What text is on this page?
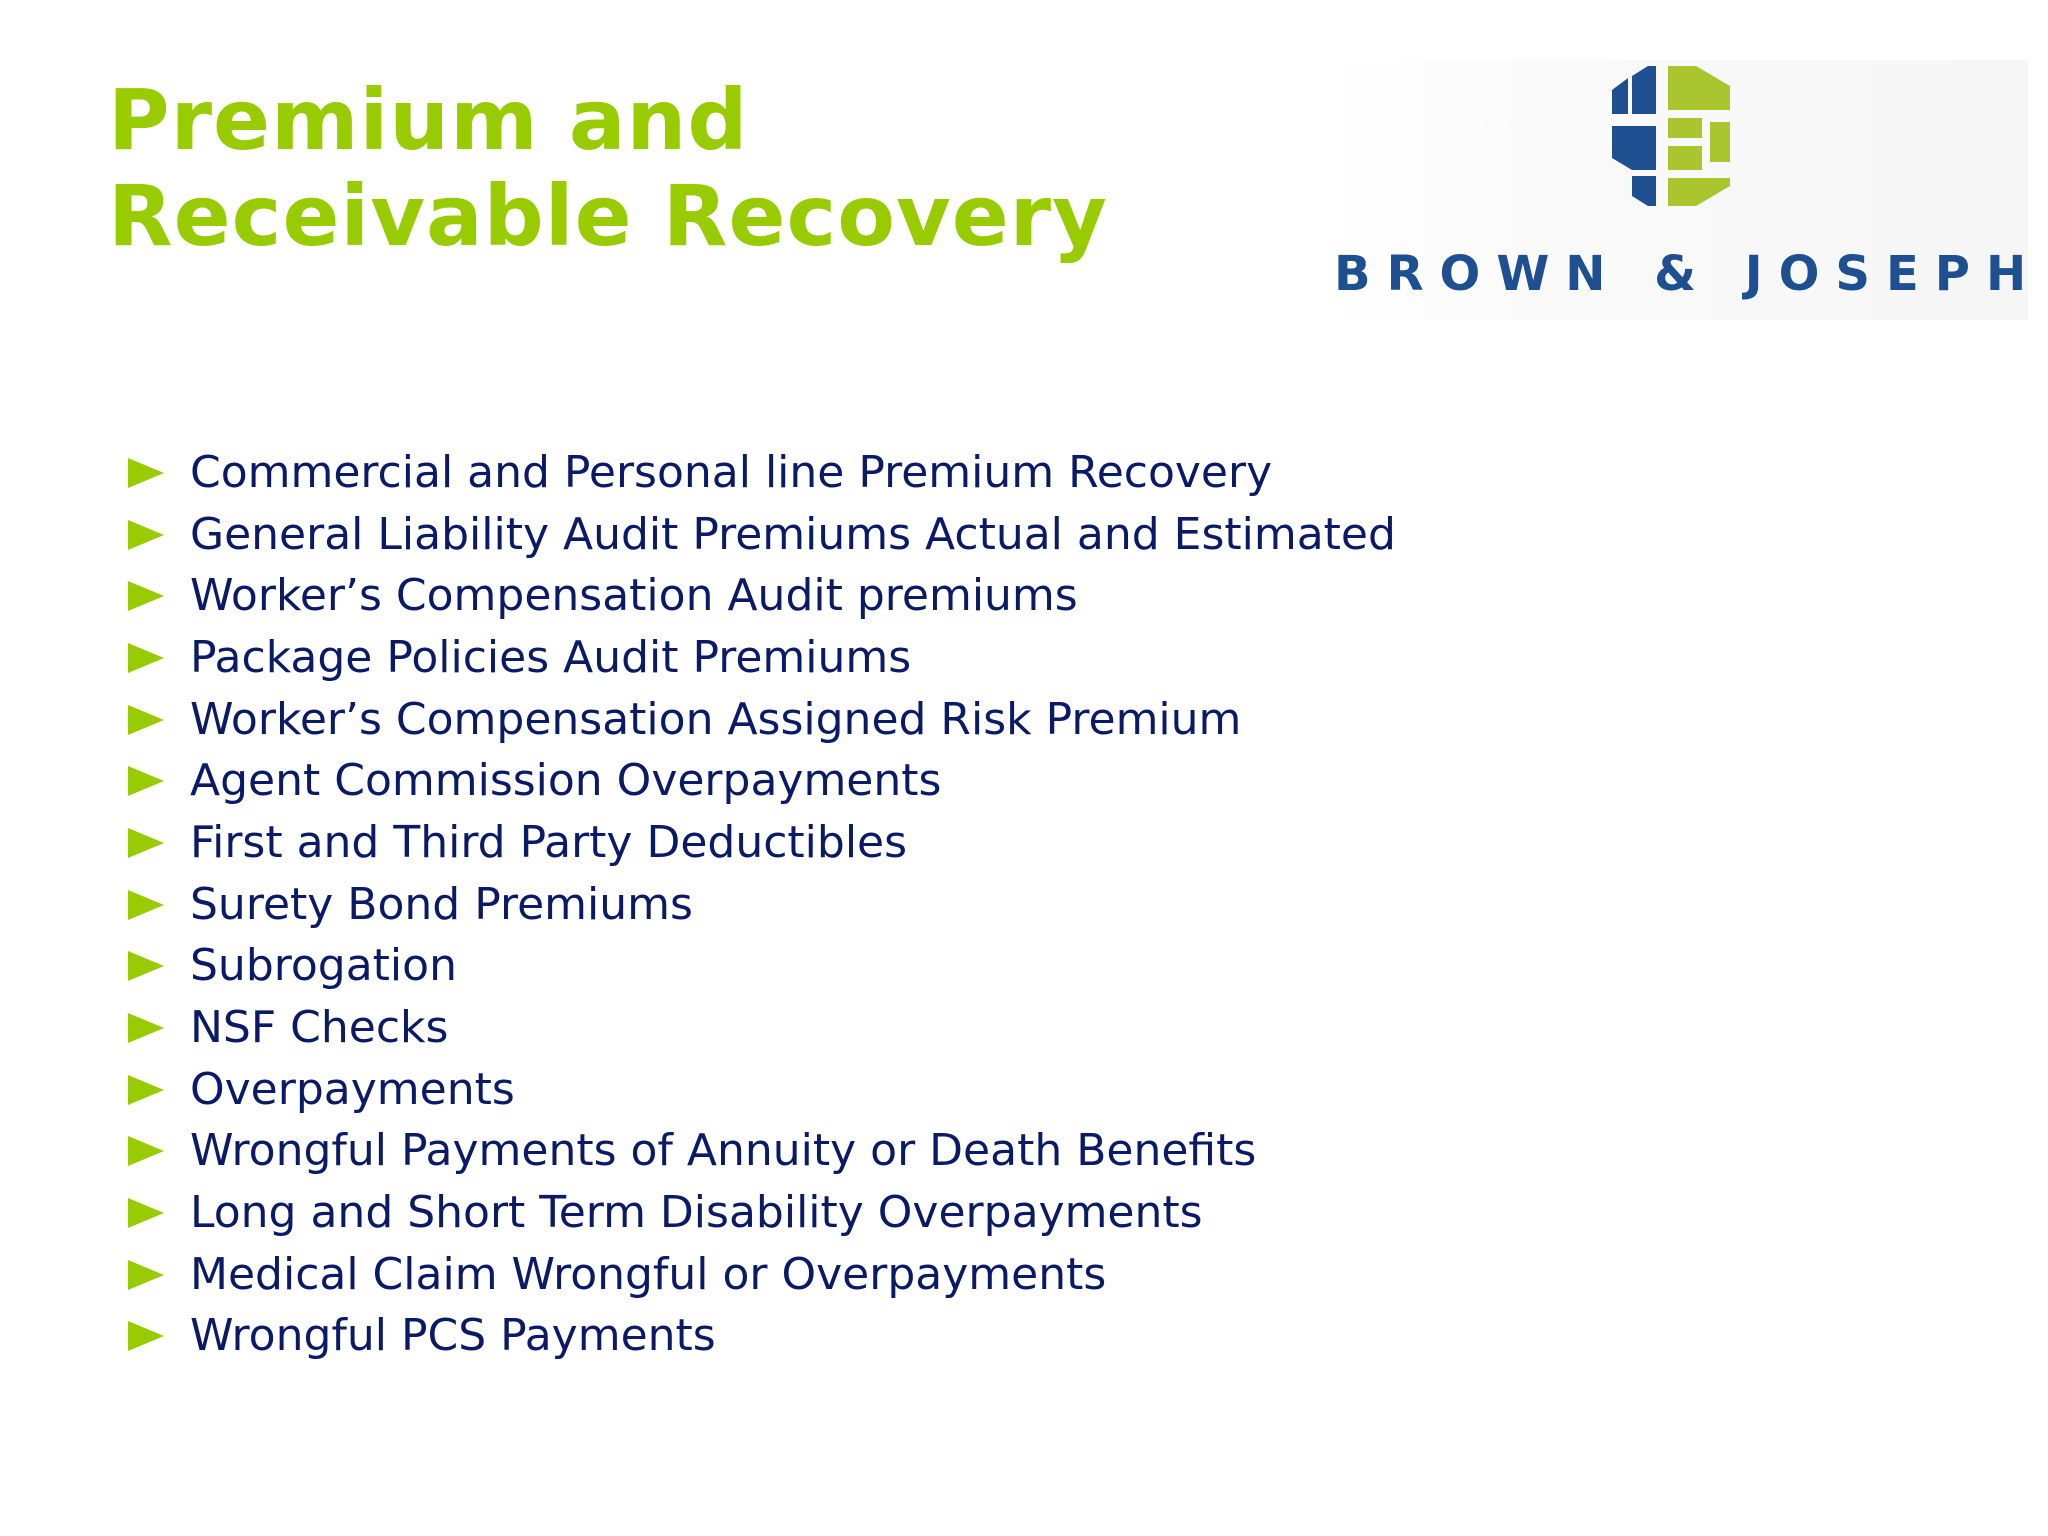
Premium and
Receivable Recovery
BROWN & JOSEPH
Commercial and Personal line Premium Recovery
General Liability Audit Premiums Actual and Estimated
Worker’s Compensation Audit premiums
Package Policies Audit Premiums
Worker’s Compensation Assigned Risk Premium
Agent Commission Overpayments
First and Third Party Deductibles
Surety Bond Premiums
Subrogation
NSF Checks
Overpayments
Wrongful Payments of Annuity or Death Benefits
Long and Short Term Disability Overpayments
Medical Claim Wrongful or Overpayments
Wrongful PCS Payments
